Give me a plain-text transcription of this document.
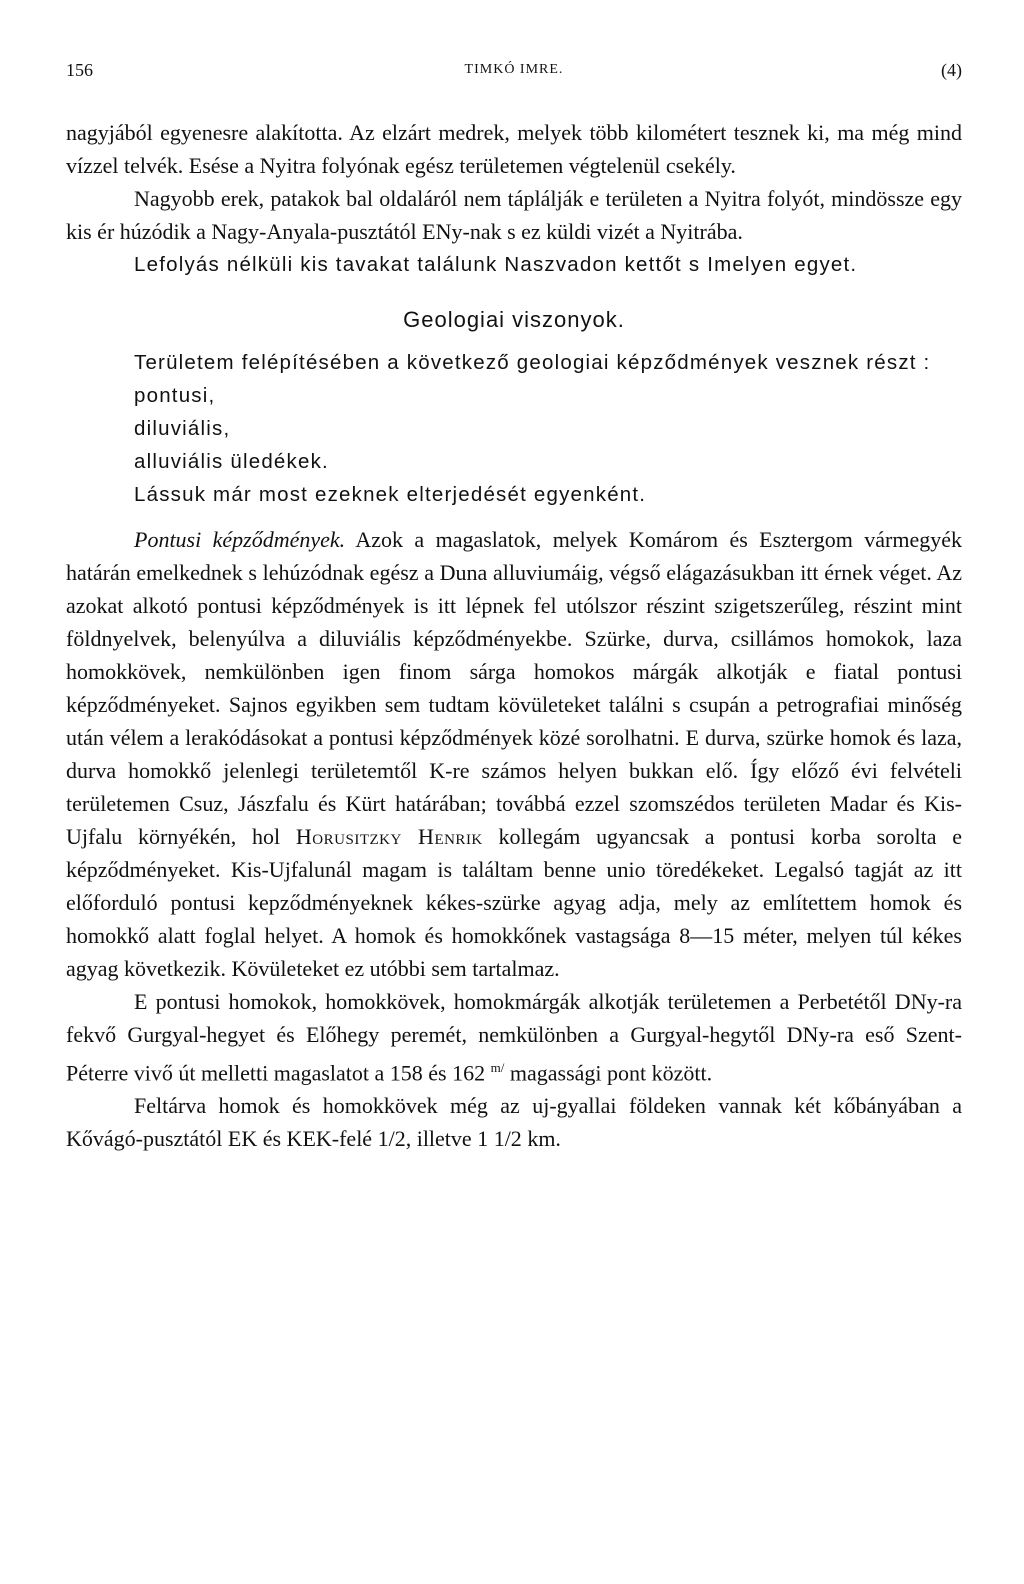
156	TIMKÓ IMRE.	(4)

nagyjából egyenesre alakította. Az elzárt medrek, melyek több kilométert tesznek ki, ma még mind vízzel telvék. Esése a Nyitra folyónak egész területemen végtelenül csekély.

Nagyobb erek, patakok bal oldaláról nem táplálják e területen a Nyitra folyót, mindössze egy kis ér húzódik a Nagy-Anyala-pusztától ENy-nak s ez küldi vizét a Nyitrába.

Lefolyás nélküli kis tavakat találunk Naszvadon kettőt s Imelyen egyet.

Geologiai viszonyok.

Területem felépítésében a következő geologiai képződmények vesznek részt :

pontusi,
diluviális,
alluviális üledékek.

Lássuk már most ezeknek elterjedését egyenként.

Pontusi képződmények. Azok a magaslatok, melyek Komárom és Esztergom vármegyék határán emelkednek s lehúzódnak egész a Duna alluviumáig, végső elágazásukban itt érnek véget. Az azokat alkotó pontusi képződmények is itt lépnek fel utólszor részint szigetszerűleg, részint mint földnyelvek, belenyúlva a diluviális képződményekbe. Szürke, durva, csillámos homokok, laza homokkövek, nemkülönben igen finom sárga homokos márgák alkotják e fiatal pontusi képződményeket. Sajnos egyikben sem tudtam kövületeket találni s csupán a petrografiai minőség után vélem a lerakódásokat a pontusi képződmények közé sorolhatni. E durva, szürke homok és laza, durva homokkő jelenlegi területemtől K-re számos helyen bukkan elő. Így előző évi felvételi területemen Csuz, Jászfalu és Kürt határában; továbbá ezzel szomszédos területen Madar és Kis-Ujfalu környékén, hol Horusitzky Henrik kollegám ugyancsak a pontusi korba sorolta e képződményeket. Kis-Ujfalunál magam is találtam benne unio töredékeket. Legalsó tagját az itt előforduló pontusi kepződményeknek kékes-szürke agyag adja, mely az említettem homok és homokkő alatt foglal helyet. A homok és homokkőnek vastagsága 8—15 méter, melyen túl kékes agyag következik. Kövületeket ez utóbbi sem tartalmaz.

E pontusi homokok, homokkövek, homokmárgák alkotják területemen a Perbetétől DNy-ra fekvő Gurgyal-hegyet és Előhegy peremét, nemkülönben a Gurgyal-hegytől DNy-ra eső Szent-Péterre vivő út melletti magaslatot a 158 és 162 $^{m/}$ magassági pont között.

Feltárva homok és homokkövek még az uj-gyallai földeken vannak két kőbányában a Kővágó-pusztától EK és KEK-felé 1/2, illetve 1 1/2 km.
